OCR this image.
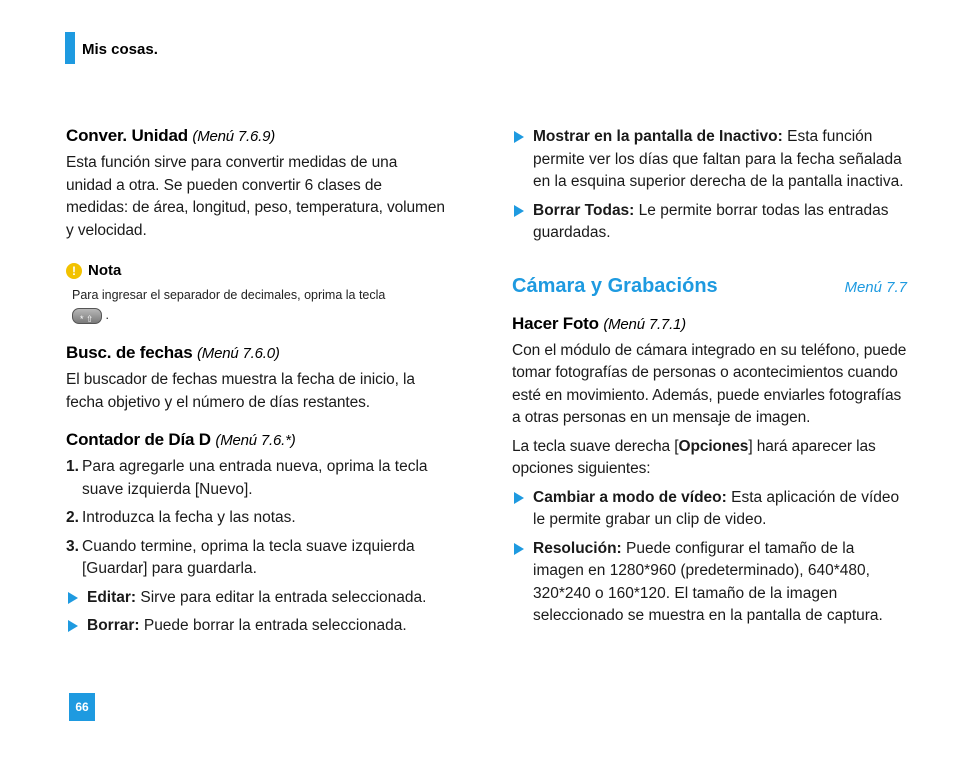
Mis cosas.
Conver. Unidad (Menú 7.6.9)

Esta función sirve para convertir medidas de una unidad a otra. Se pueden convertir 6 clases de medidas: de área, longitud, peso, temperatura, volumen y velocidad.

! Nota
Para ingresar el separador de decimales, oprima la tecla

* ⇧ .
Busc. de fechas (Menú 7.6.0)

El buscador de fechas muestra la fecha de inicio, la fecha objetivo y el número de días restantes.

Contador de Día D (Menú 7.6.*)
1. Para agregarle una entrada nueva, oprima la tecla suave izquierda [Nuevo].
2. Introduzca la fecha y las notas.
3. Cuando termine, oprima la tecla suave izquierda [Guardar] para guardarla.
Editar: Sirve para editar la entrada seleccionada.
Borrar: Puede borrar la entrada seleccionada.
Mostrar en la pantalla de Inactivo: Esta función permite ver los días que faltan para la fecha señalada en la esquina superior derecha de la pantalla inactiva.
Borrar Todas: Le permite borrar todas las entradas guardadas.
Cámara y Grabacións	Menú 7.7
Hacer Foto (Menú 7.7.1)

Con el módulo de cámara integrado en su teléfono, puede tomar fotografías de personas o acontecimientos cuando esté en movimiento. Además, puede enviarles fotografías a otras personas en un mensaje de imagen.

La tecla suave derecha [Opciones] hará aparecer las opciones siguientes:

Cambiar a modo de vídeo: Esta aplicación de vídeo le permite grabar un clip de video.
Resolución: Puede configurar el tamaño de la imagen en 1280*960 (predeterminado), 640*480, 320*240 o 160*120. El tamaño de la imagen seleccionado se muestra en la pantalla de captura.
66
